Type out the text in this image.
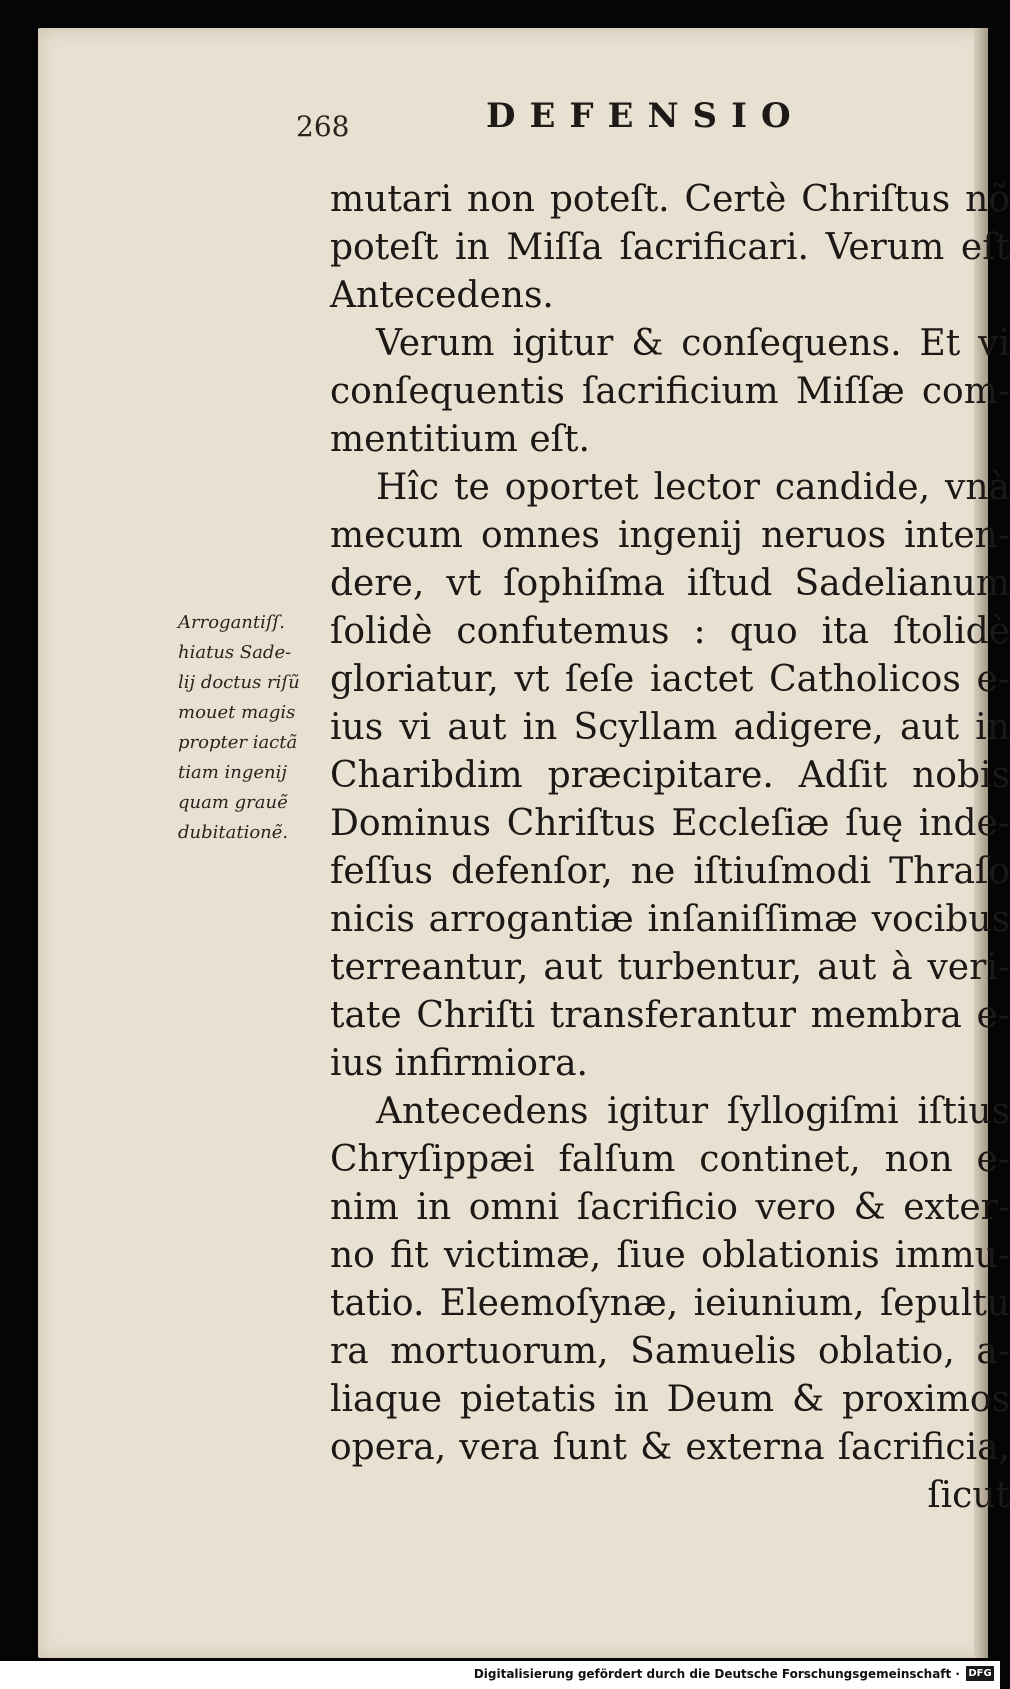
268	DEFENSIO
Arrogantiſſ.
hiatus Sade-
lij doctus riſũ
mouet magis
propter iactã
tiam ingenij
quam grauẽ
dubitationẽ.
mutari non poteſt. Certè Chriſtus nõ
poteſt in Miſſa ſacrificari. Verum eſt
Antecedens.
Verum igitur & conſequens. Et vi
conſequentis ſacrificium Miſſæ com-
mentitium eſt.
Hîc te oportet lector candide, vnà
mecum omnes ingenij neruos inten-
dere, vt ſophiſma iſtud Sadelianum
ſolidè confutemus : quo ita ſtolidè
gloriatur, vt ſeſe iactet Catholicos e-
ius vi aut in Scyllam adigere, aut in
Charibdim præcipitare. Adſit nobis
Dominus Chriſtus Eccleſiæ ſuę inde-
feſſus defenſor, ne iſtiuſmodi Thraſo
nicis arrogantiæ inſaniſſimæ vocibus
terreantur, aut turbentur, aut à veri-
tate Chriſti transferantur membra e-
ius infirmiora.
Antecedens igitur ſyllogiſmi iſtius
Chryſippæi falſum continet, non e-
nim in omni ſacrificio vero & exter-
no fit victimæ, ſiue oblationis immu-
tatio. Eleemoſynæ, ieiunium, ſepultu
ra mortuorum, Samuelis oblatio, a-
liaque pietatis in Deum & proximos
opera, vera ſunt & externa ſacrificia,
ſicut
Digitalisierung gefördert durch die Deutsche Forschungsgemeinschaft · DFG
